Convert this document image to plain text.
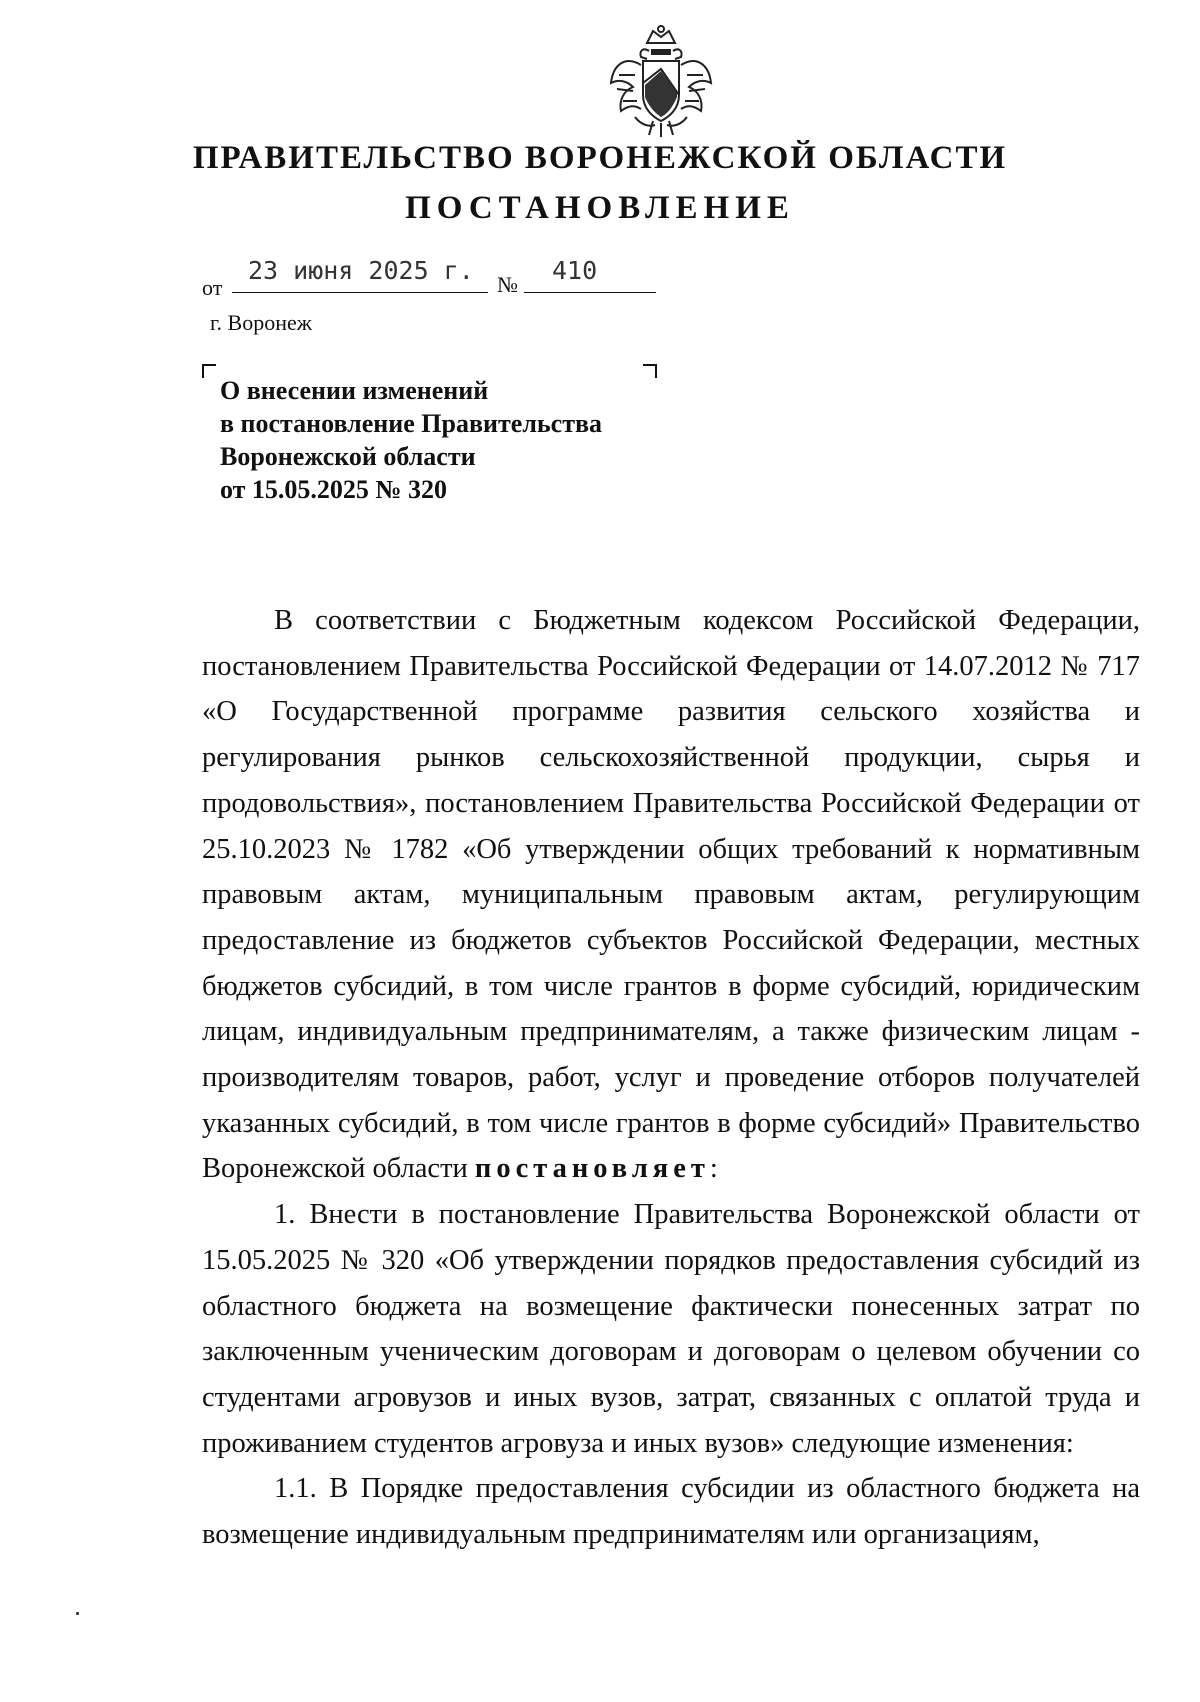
ПРАВИТЕЛЬСТВО ВОРОНЕЖСКОЙ ОБЛАСТИ
ПОСТАНОВЛЕНИЕ
от
23 июня 2025 г. № 410
г. Воронеж
О внесении изменений
в постановление Правительства
Воронежской области
от 15.05.2025 № 320

В соответствии с Бюджетным кодексом Российской Федерации, постановлением Правительства Российской Федерации от 14.07.2012 № 717 «О Государственной программе развития сельского хозяйства и регулирования рынков сельскохозяйственной продукции, сырья и продовольствия», постановлением Правительства Российской Федерации от 25.10.2023 № 1782 «Об утверждении общих требований к нормативным правовым актам, муниципальным правовым актам, регулирующим предоставление из бюджетов субъектов Российской Федерации, местных бюджетов субсидий, в том числе грантов в форме субсидий, юридическим лицам, индивидуальным предпринимателям, а также физическим лицам - производителям товаров, работ, услуг и проведение отборов получателей указанных субсидий, в том числе грантов в форме субсидий» Правительство Воронежской области постановляет:

1. Внести в постановление Правительства Воронежской области от 15.05.2025 № 320 «Об утверждении порядков предоставления субсидий из областного бюджета на возмещение фактически понесенных затрат по заключенным ученическим договорам и договорам о целевом обучении со студентами агровузов и иных вузов, затрат, связанных с оплатой труда и проживанием студентов агровуза и иных вузов» следующие изменения:

1.1. В Порядке предоставления субсидии из областного бюджета на возмещение индивидуальным предпринимателям или организациям,
